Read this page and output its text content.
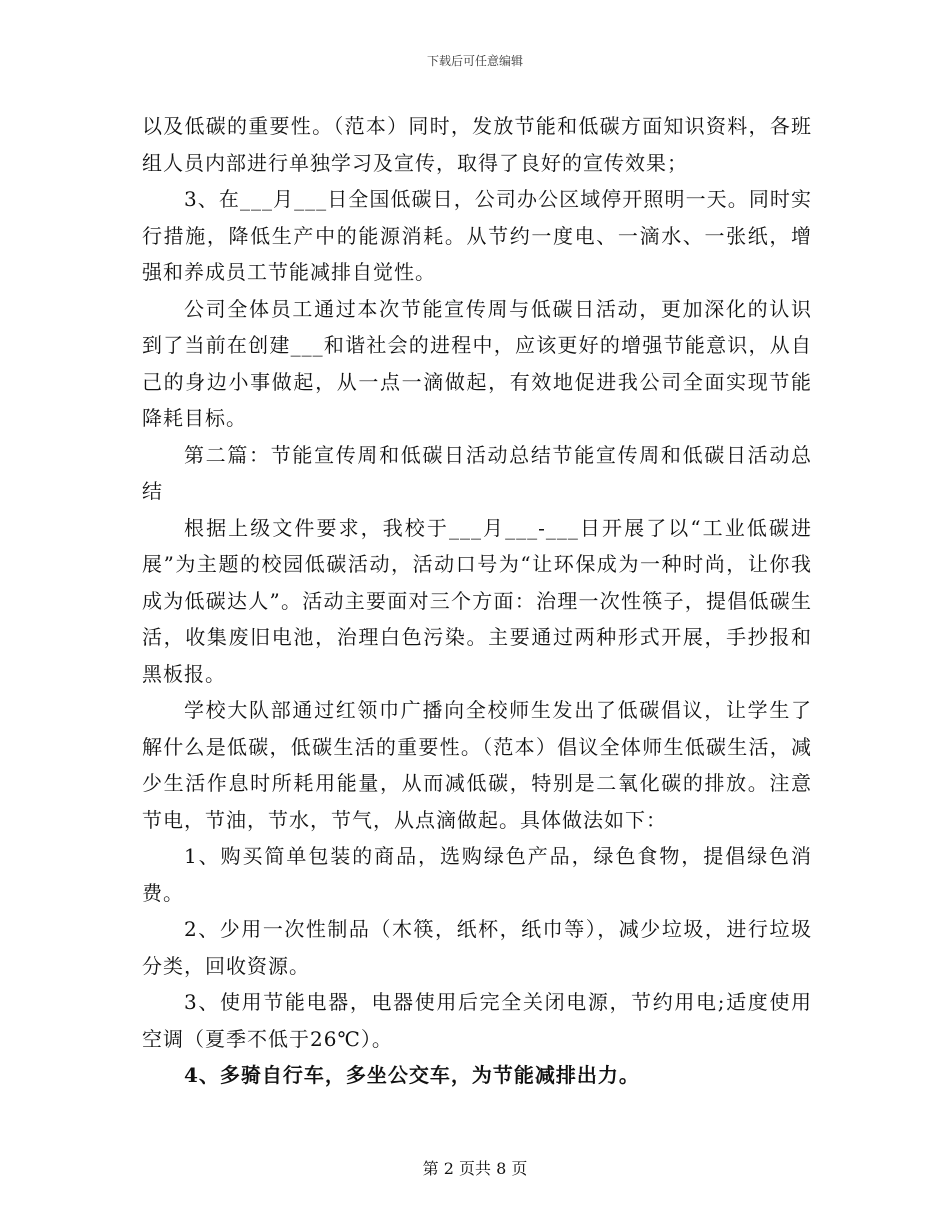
下载后可任意编辑

以及低碳的重要性。（范本）同时，发放节能和低碳方面知识资料，各班组人员内部进行单独学习及宣传，取得了良好的宣传效果；

3、在___月___日全国低碳日，公司办公区域停开照明一天。同时实行措施，降低生产中的能源消耗。从节约一度电、一滴水、一张纸，增强和养成员工节能减排自觉性。

公司全体员工通过本次节能宣传周与低碳日活动，更加深化的认识到了当前在创建___和谐社会的进程中，应该更好的增强节能意识，从自己的身边小事做起，从一点一滴做起，有效地促进我公司全面实现节能降耗目标。

第二篇：节能宣传周和低碳日活动总结节能宣传周和低碳日活动总结

根据上级文件要求，我校于___月___-___日开展了以“工业低碳进展”为主题的校园低碳活动，活动口号为“让环保成为一种时尚，让你我成为低碳达人”。活动主要面对三个方面：治理一次性筷子，提倡低碳生活，收集废旧电池，治理白色污染。主要通过两种形式开展，手抄报和黑板报。

学校大队部通过红领巾广播向全校师生发出了低碳倡议，让学生了解什么是低碳，低碳生活的重要性。（范本）倡议全体师生低碳生活，减少生活作息时所耗用能量，从而减低碳，特别是二氧化碳的排放。注意节电，节油，节水，节气，从点滴做起。具体做法如下：

1、购买简单包装的商品，选购绿色产品，绿色食物，提倡绿色消费。

2、少用一次性制品（木筷，纸杯，纸巾等），减少垃圾，进行垃圾分类，回收资源。

3、使用节能电器，电器使用后完全关闭电源，节约用电;适度使用空调（夏季不低于26℃）。

4、多骑自行车，多坐公交车，为节能减排出力。

第 2 页共 8 页
